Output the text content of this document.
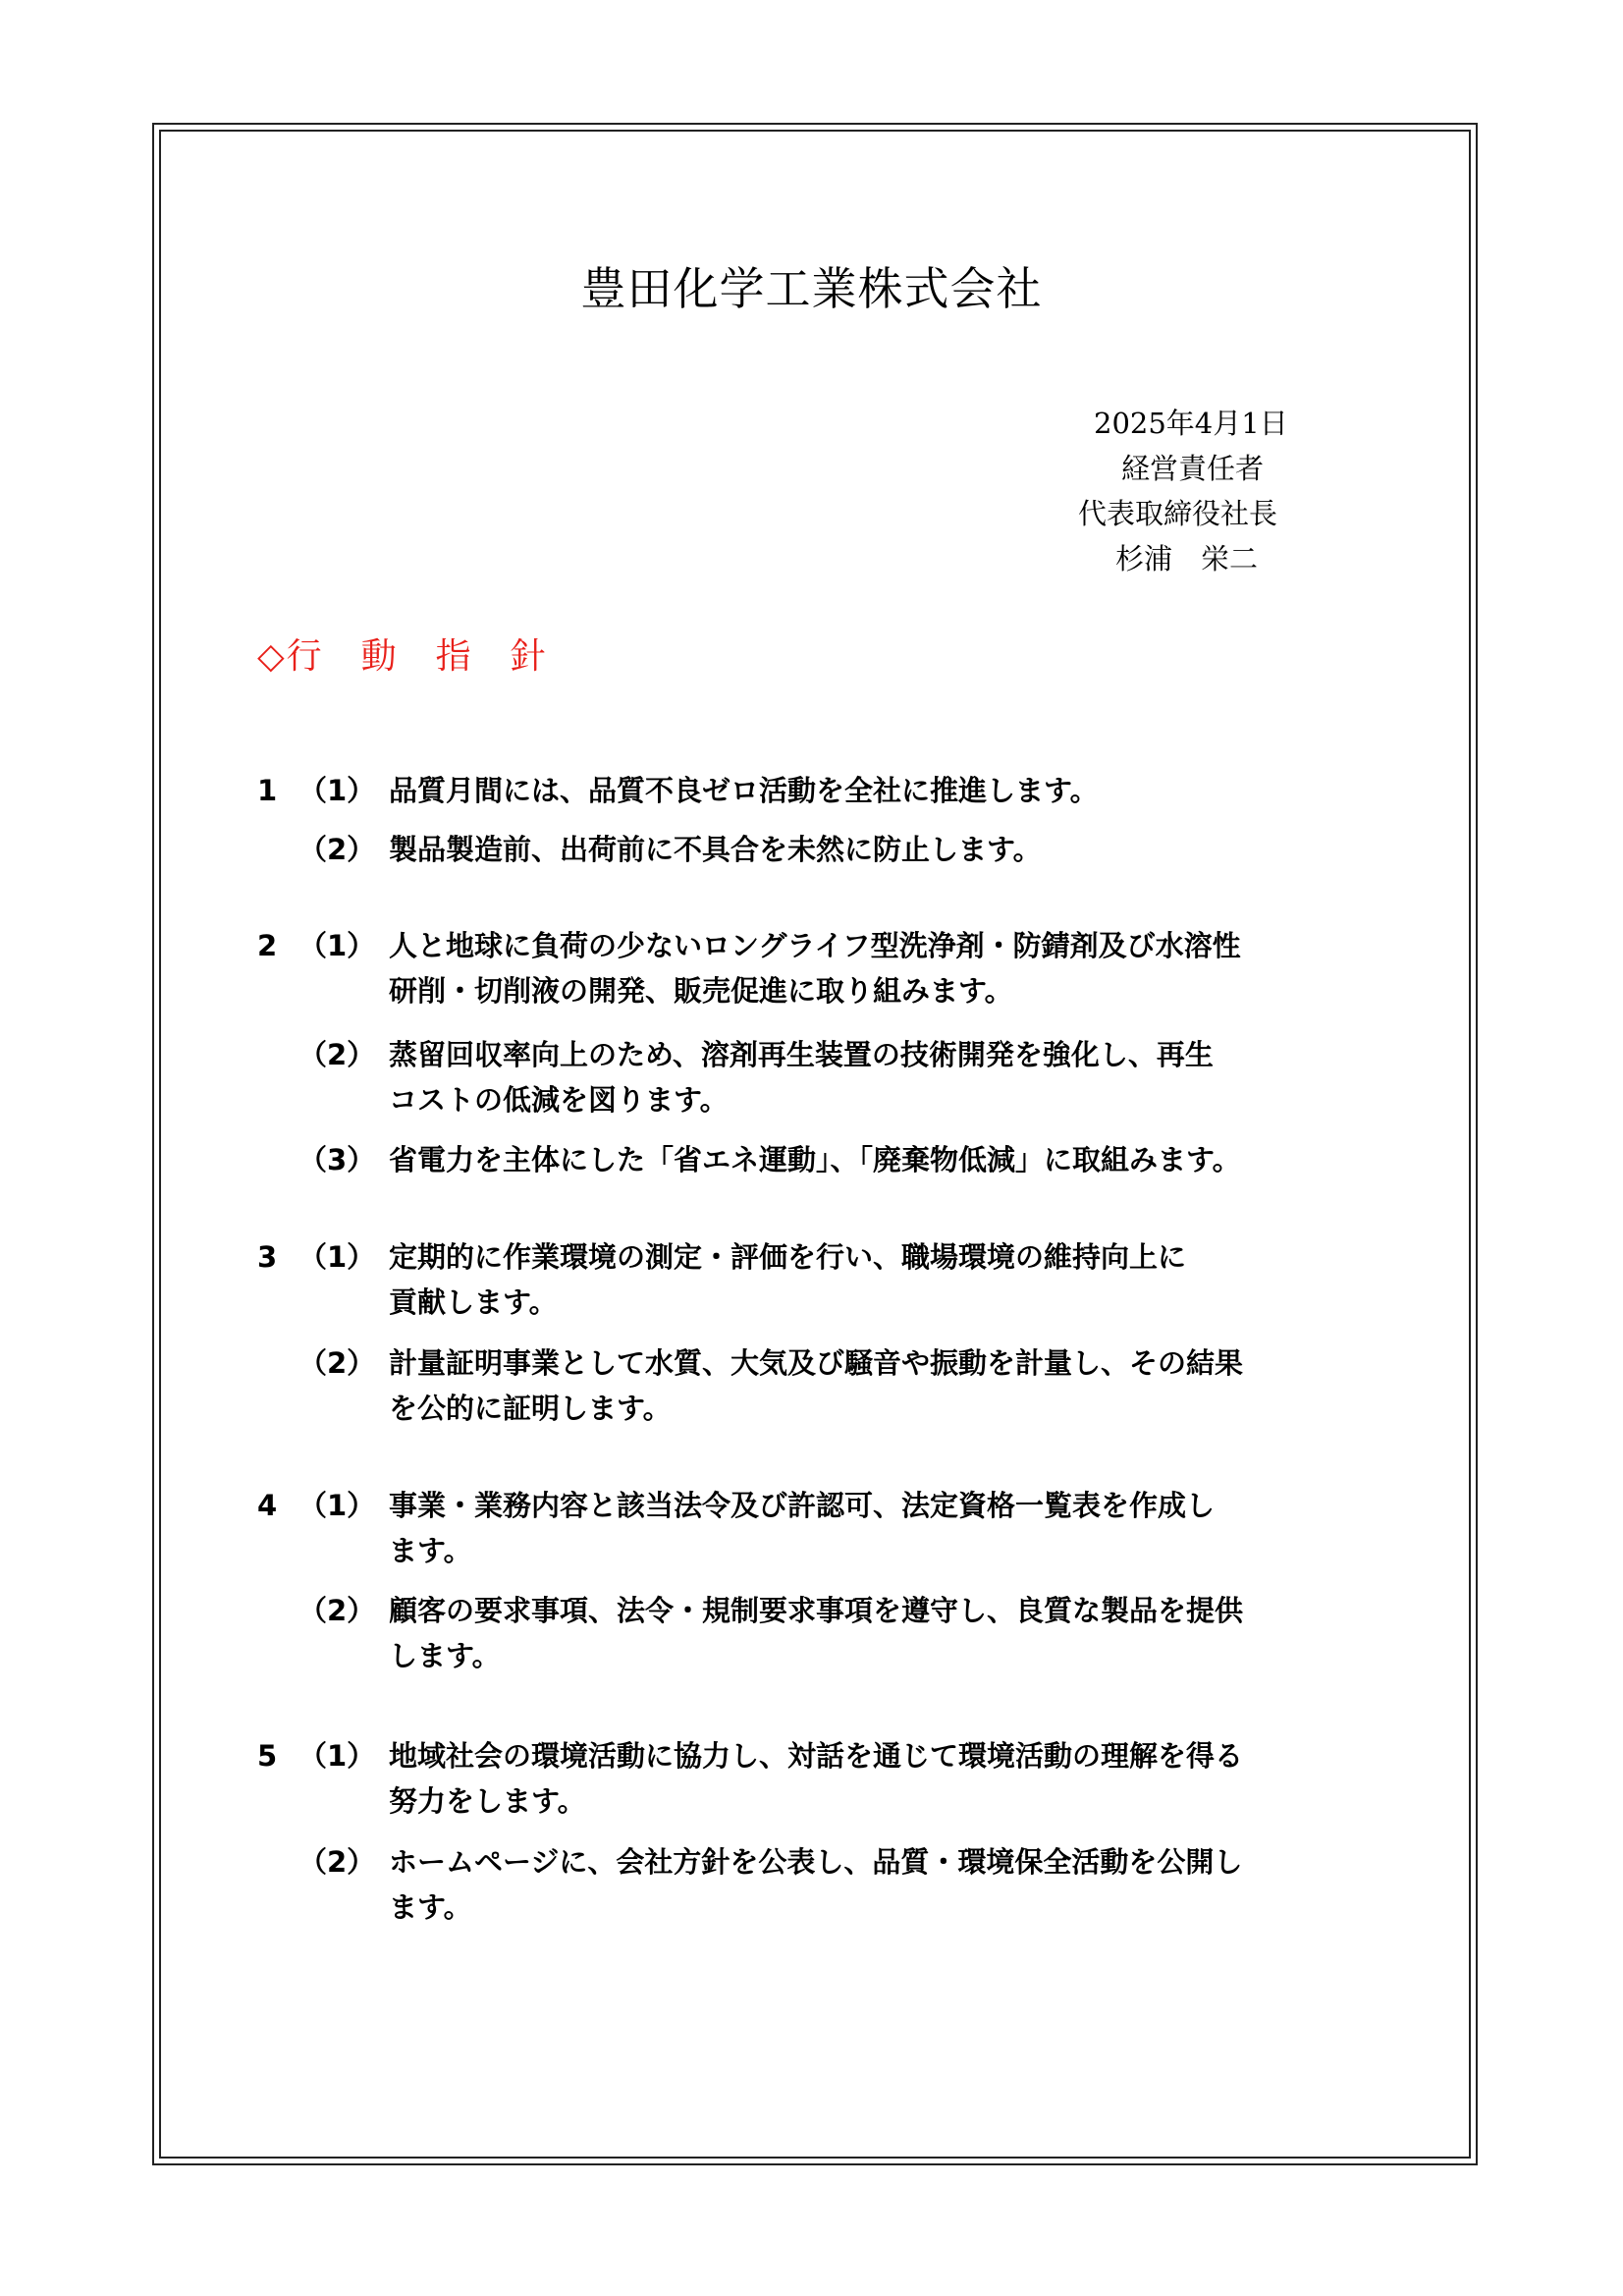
豊田化学工業株式会社
2025年4月1日
経営責任者
代表取締役社長
杉浦　栄二
◇行　動　指　針
1 （1） 品質月間には、品質不良ゼロ活動を全社に推進します。
（2） 製品製造前、出荷前に不具合を未然に防止します。
2 （1） 人と地球に負荷の少ないロングライフ型洗浄剤・防錆剤及び水溶性
研削・切削液の開発、販売促進に取り組みます。
（2） 蒸留回収率向上のため、溶剤再生装置の技術開発を強化し、再生
コストの低減を図ります。
（3） 省電力を主体にした「省エネ運動」、「廃棄物低減」に取組みます。
3 （1） 定期的に作業環境の測定・評価を行い、職場環境の維持向上に
貢献します。
（2） 計量証明事業として水質、大気及び騒音や振動を計量し、その結果
を公的に証明します。
4 （1） 事業・業務内容と該当法令及び許認可、法定資格一覧表を作成し
ます。
（2） 顧客の要求事項、法令・規制要求事項を遵守し、良質な製品を提供
します。
5 （1） 地域社会の環境活動に協力し、対話を通じて環境活動の理解を得る
努力をします。
（2） ホームページに、会社方針を公表し、品質・環境保全活動を公開し
ます。
